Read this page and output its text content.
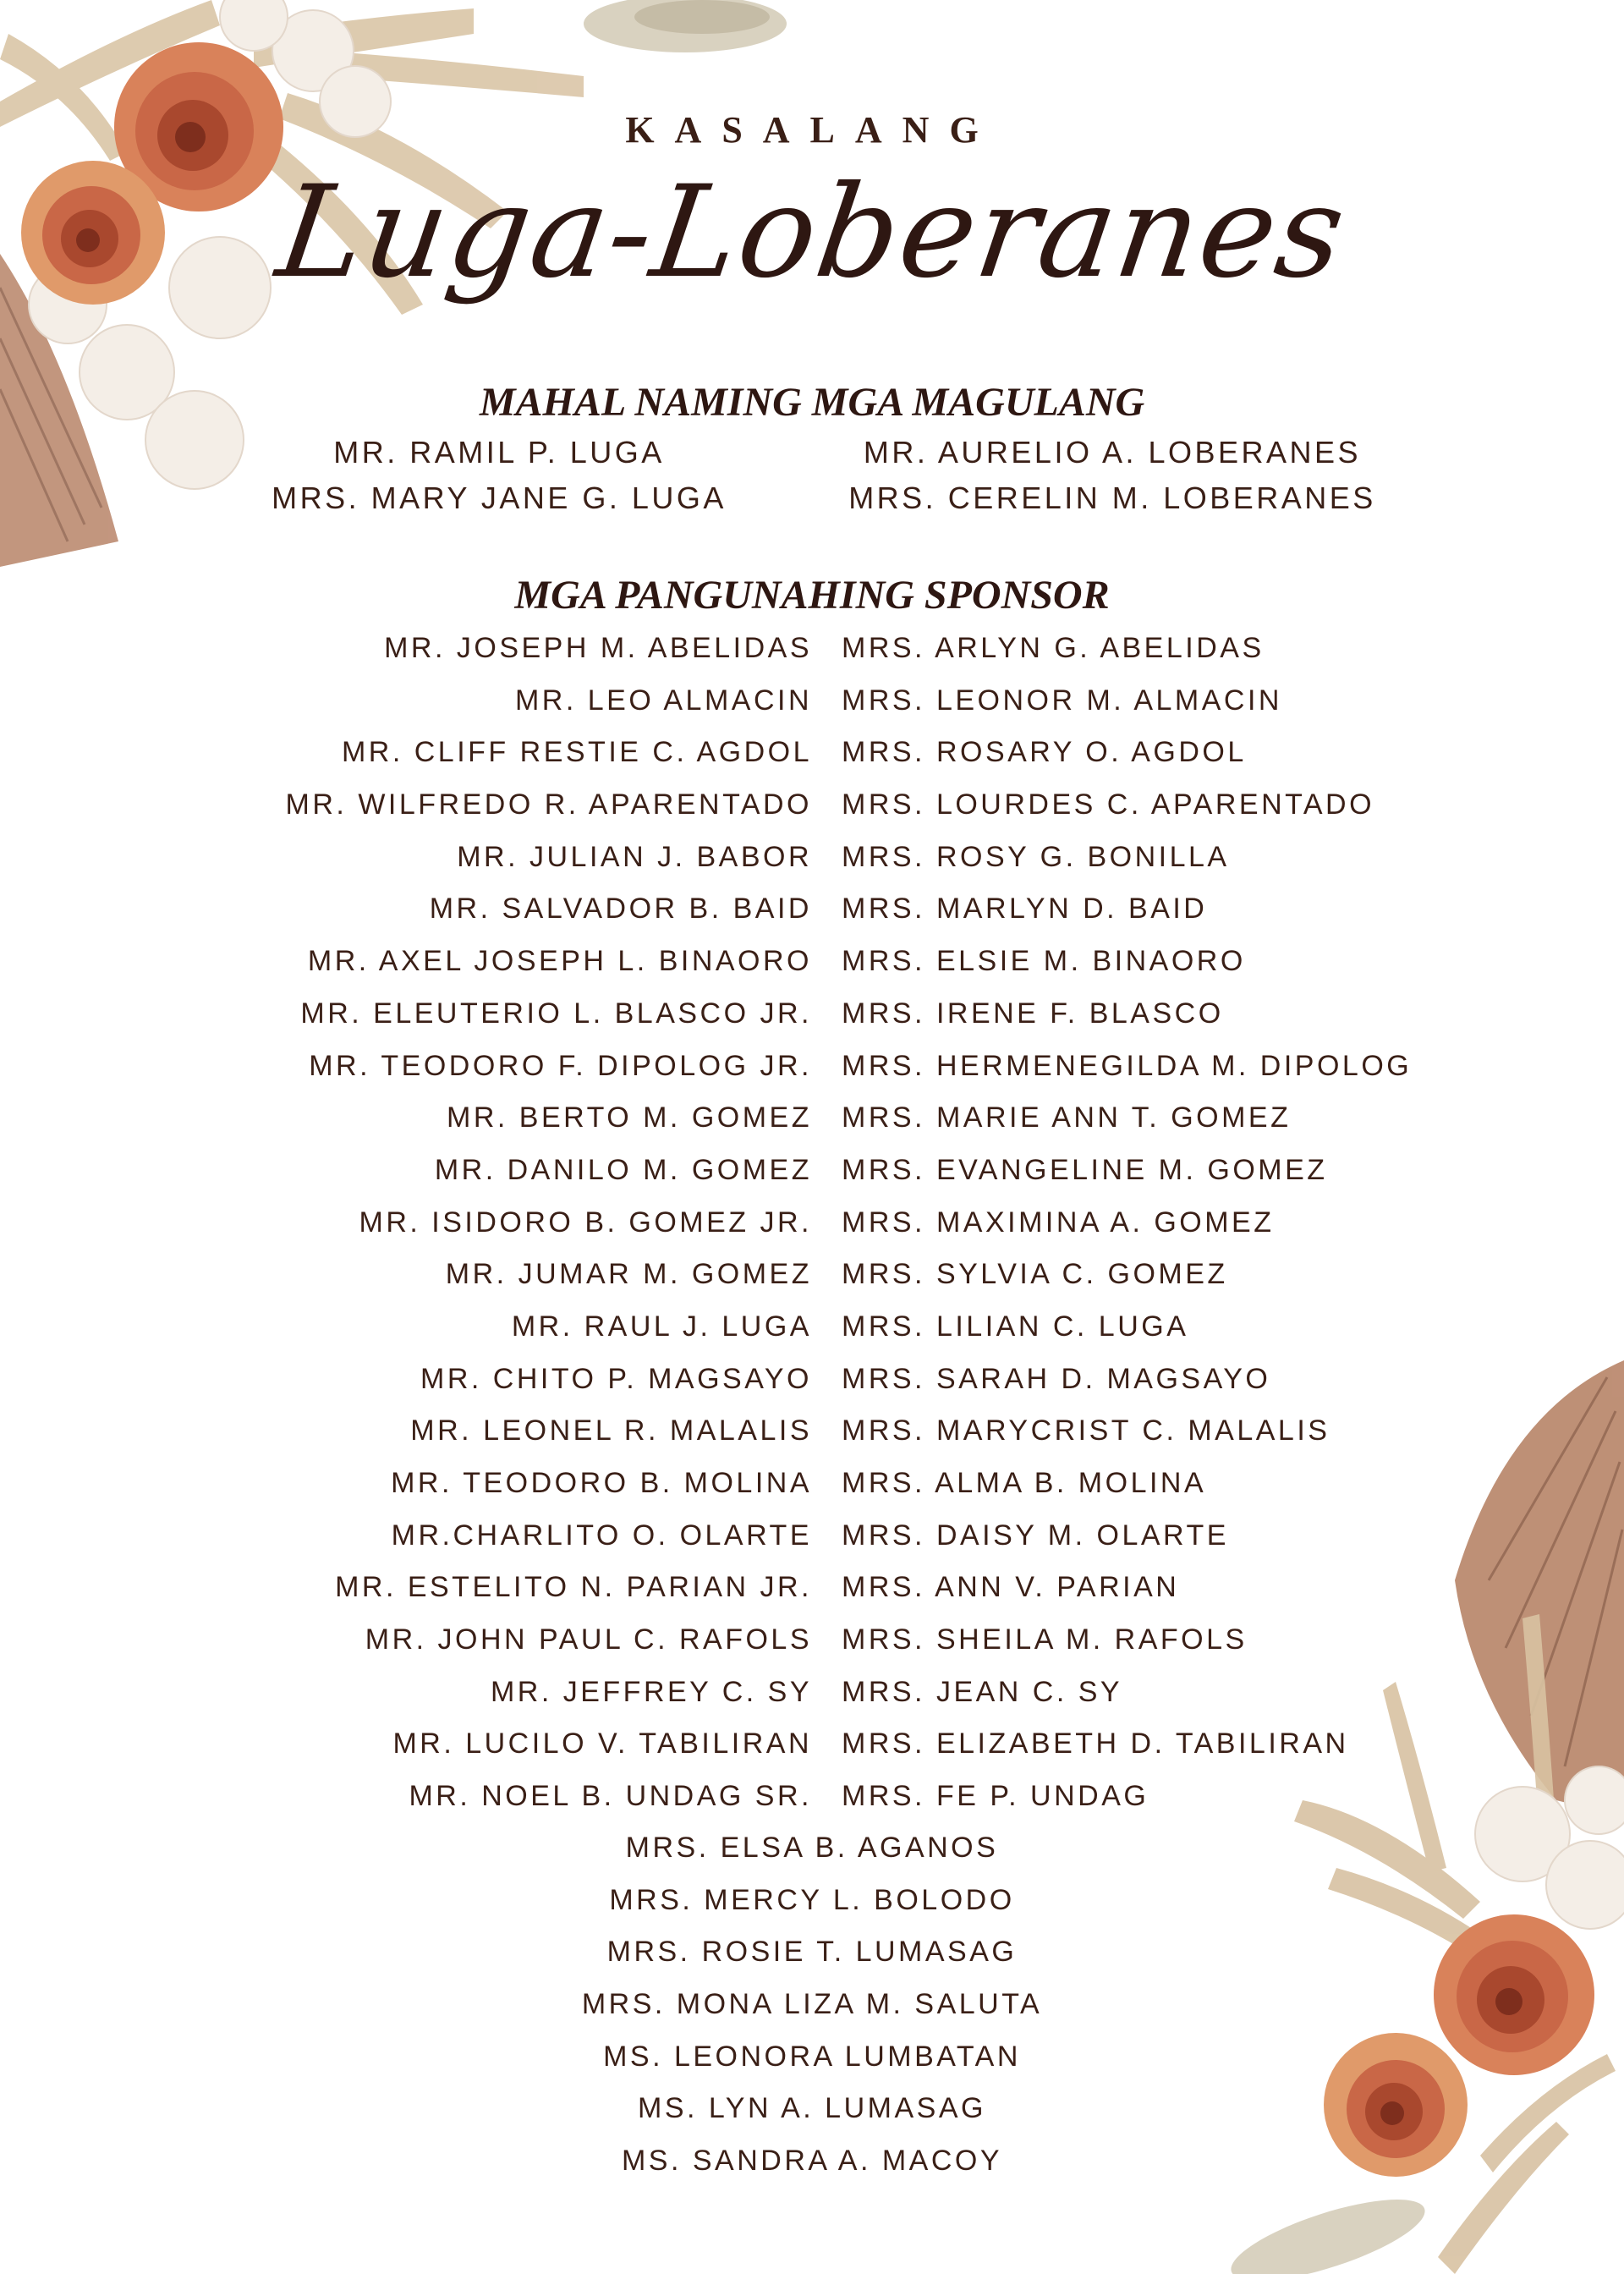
KASALANG
Luga-Loberanes
MAHAL NAMING MGA MAGULANG
MR. RAMIL P. LUGA
MRS. MARY JANE G. LUGA
MR. AURELIO A. LOBERANES
MRS. CERELIN M. LOBERANES
MGA PANGUNAHING SPONSOR
MR. JOSEPH M. ABELIDAS MRS. ARLYN G. ABELIDAS
MR. LEO ALMACIN MRS. LEONOR M. ALMACIN
MR. CLIFF RESTIE C. AGDOL MRS. ROSARY O. AGDOL
MR. WILFREDO R. APARENTADO MRS. LOURDES C. APARENTADO
MR. JULIAN J. BABOR MRS. ROSY G. BONILLA
MR. SALVADOR B. BAID MRS. MARLYN D. BAID
MR. AXEL JOSEPH L. BINAORO MRS. ELSIE M. BINAORO
MR. ELEUTERIO L. BLASCO JR. MRS. IRENE F. BLASCO
MR. TEODORO F. DIPOLOG JR. MRS. HERMENEGILDA M. DIPOLOG
MR. BERTO M. GOMEZ MRS. MARIE ANN T. GOMEZ
MR. DANILO M. GOMEZ MRS. EVANGELINE M. GOMEZ
MR. ISIDORO B. GOMEZ JR. MRS. MAXIMINA A. GOMEZ
MR. JUMAR M. GOMEZ MRS. SYLVIA C. GOMEZ
MR. RAUL J. LUGA MRS. LILIAN C. LUGA
MR. CHITO P. MAGSAYO MRS. SARAH D. MAGSAYO
MR. LEONEL R. MALALIS MRS. MARYCRIST C. MALALIS
MR. TEODORO B. MOLINA MRS. ALMA B. MOLINA
MR.CHARLITO O. OLARTE MRS. DAISY M. OLARTE
MR. ESTELITO N. PARIAN JR. MRS. ANN V. PARIAN
MR. JOHN PAUL C. RAFOLS MRS. SHEILA M. RAFOLS
MR. JEFFREY C. SY MRS. JEAN C. SY
MR. LUCILO V. TABILIRAN MRS. ELIZABETH D. TABILIRAN
MR. NOEL B. UNDAG SR. MRS. FE P. UNDAG
MRS. ELSA B. AGANOS
MRS. MERCY L. BOLODO
MRS. ROSIE T. LUMASAG
MRS. MONA LIZA M. SALUTA
MS. LEONORA LUMBATAN
MS. LYN A. LUMASAG
MS. SANDRA A. MACOY
